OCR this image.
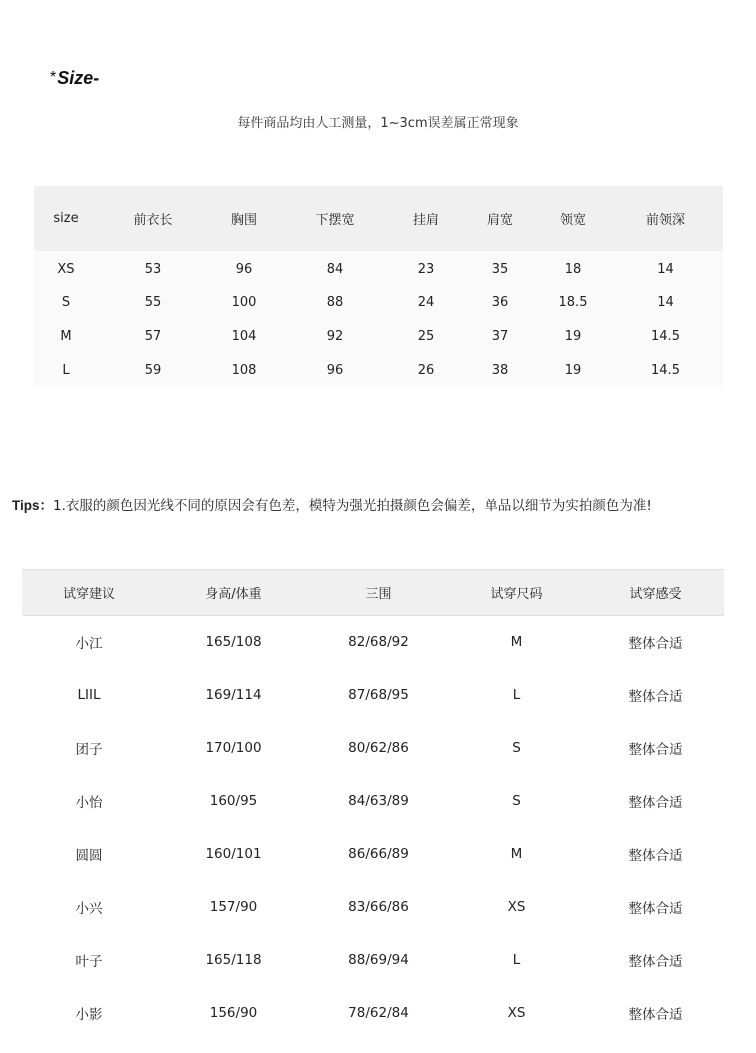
*Size-
每件商品均由人工测量，1~3cm误差属正常现象
size	前衣长	胸围	下摆宽	挂肩	肩宽	领宽	前领深
XS	53	96	84	23	35	18	14
S	55	100	88	24	36	18.5	14
M	57	104	92	25	37	19	14.5
L	59	108	96	26	38	19	14.5
Tips：1.衣服的颜色因光线不同的原因会有色差，模特为强光拍摄颜色会偏差，单品以细节为实拍颜色为准!
试穿建议	身高/体重	三围	试穿尺码	试穿感受
小江	165/108	82/68/92	M	整体合适
LIIL	169/114	87/68/95	L	整体合适
团子	170/100	80/62/86	S	整体合适
小怡	160/95	84/63/89	S	整体合适
圆圆	160/101	86/66/89	M	整体合适
小兴	157/90	83/66/86	XS	整体合适
叶子	165/118	88/69/94	L	整体合适
小影	156/90	78/62/84	XS	整体合适
